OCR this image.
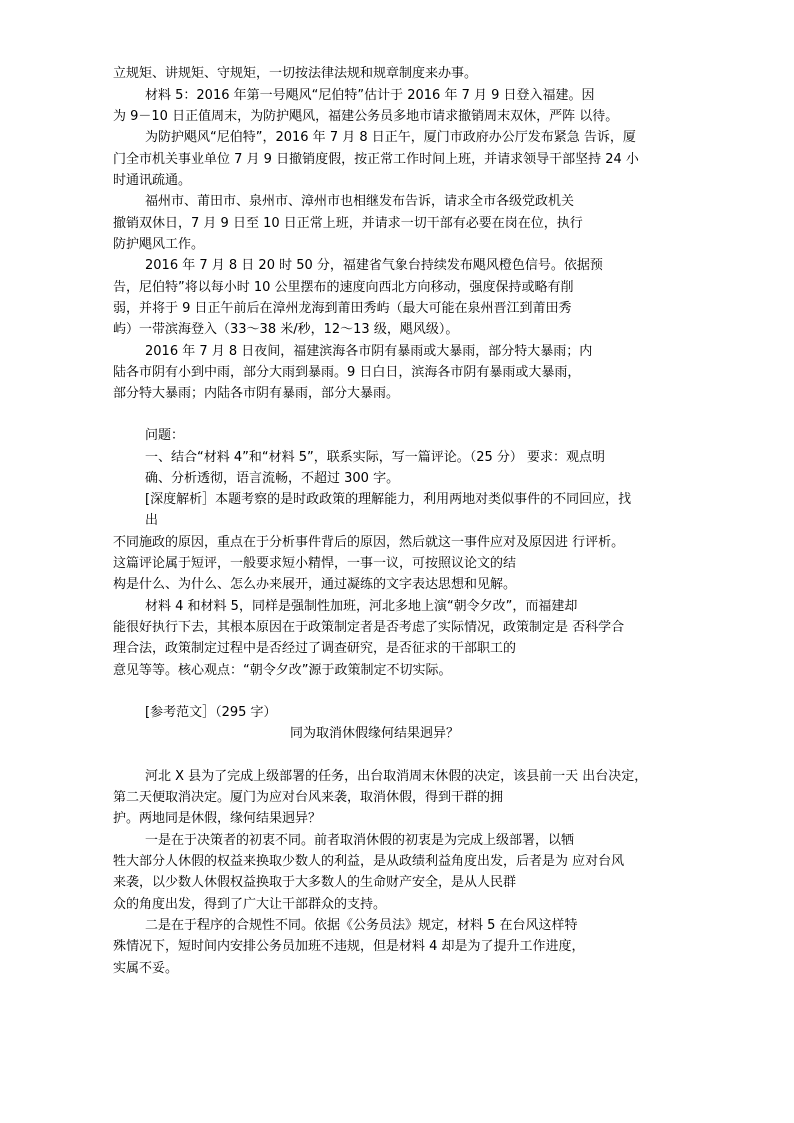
立规矩、讲规矩、守规矩，一切按法律法规和规章制度来办事。
材料 5：2016 年第一号飓风“尼伯特”估计于 2016 年 7 月 9 日登入福建。因
为 9－10 日正值周末，为防护飓风，福建公务员多地市请求撤销周末双休，严阵 以待。
为防护飓风“尼伯特”，2016 年 7 月 8 日正午，厦门市政府办公厅发布紧急 告诉，厦
门全市机关事业单位 7 月 9 日撤销度假，按正常工作时间上班，并请求领导干部坚持 24 小
时通讯疏通。
福州市、莆田市、泉州市、漳州市也相继发布告诉，请求全市各级党政机关
撤销双休日，7 月 9 日至 10 日正常上班，并请求一切干部有必要在岗在位，执行
防护飓风工作。
2016 年 7 月 8 日 20 时 50 分，福建省气象台持续发布飓风橙色信号。依据预
告，尼伯特”将以每小时 10 公里摆布的速度向西北方向移动，强度保持或略有削
弱，并将于 9 日正午前后在漳州龙海到莆田秀屿（最大可能在泉州晋江到莆田秀
屿）一带滨海登入（33～38 米/秒，12～13 级，飓风级）。
2016 年 7 月 8 日夜间，福建滨海各市阴有暴雨或大暴雨，部分特大暴雨；内
陆各市阴有小到中雨，部分大雨到暴雨。9 日白日，滨海各市阴有暴雨或大暴雨，
部分特大暴雨；内陆各市阴有暴雨，部分大暴雨。
问题：
一、结合“材料 4”和“材料 5”，联系实际，写一篇评论。（25 分） 要求：观点明
确、分析透彻，语言流畅，不超过 300 字。
[深度解析］本题考察的是时政政策的理解能力，利用两地对类似事件的不同回应，找
出
不同施政的原因，重点在于分析事件背后的原因，然后就这一事件应对及原因进 行评析。
这篇评论属于短评，一般要求短小精悍，一事一议，可按照议论文的结
构是什么、为什么、怎么办来展开，通过凝练的文字表达思想和见解。
材料 4 和材料 5，同样是强制性加班，河北多地上演“朝令夕改”，而福建却
能很好执行下去，其根本原因在于政策制定者是否考虑了实际情况，政策制定是 否科学合
理合法，政策制定过程中是否经过了调查研究，是否征求的干部职工的
意见等等。核心观点：“朝令夕改”源于政策制定不切实际。
[参考范文］（295 字）
同为取消休假缘何结果迥异？
河北 X 县为了完成上级部署的任务，出台取消周末休假的决定，该县前一天 出台决定，
第二天便取消决定。厦门为应对台风来袭，取消休假，得到干群的拥
护。两地同是休假，缘何结果迥异？
一是在于决策者的初衷不同。前者取消休假的初衷是为完成上级部署，以牺
牲大部分人休假的权益来换取少数人的利益，是从政绩利益角度出发，后者是为 应对台风
来袭，以少数人休假权益换取于大多数人的生命财产安全，是从人民群
众的角度出发，得到了广大让干部群众的支持。
二是在于程序的合规性不同。依据《公务员法》规定，材料 5 在台风这样特
殊情况下，短时间内安排公务员加班不违规，但是材料 4 却是为了提升工作进度，
实属不妥。
